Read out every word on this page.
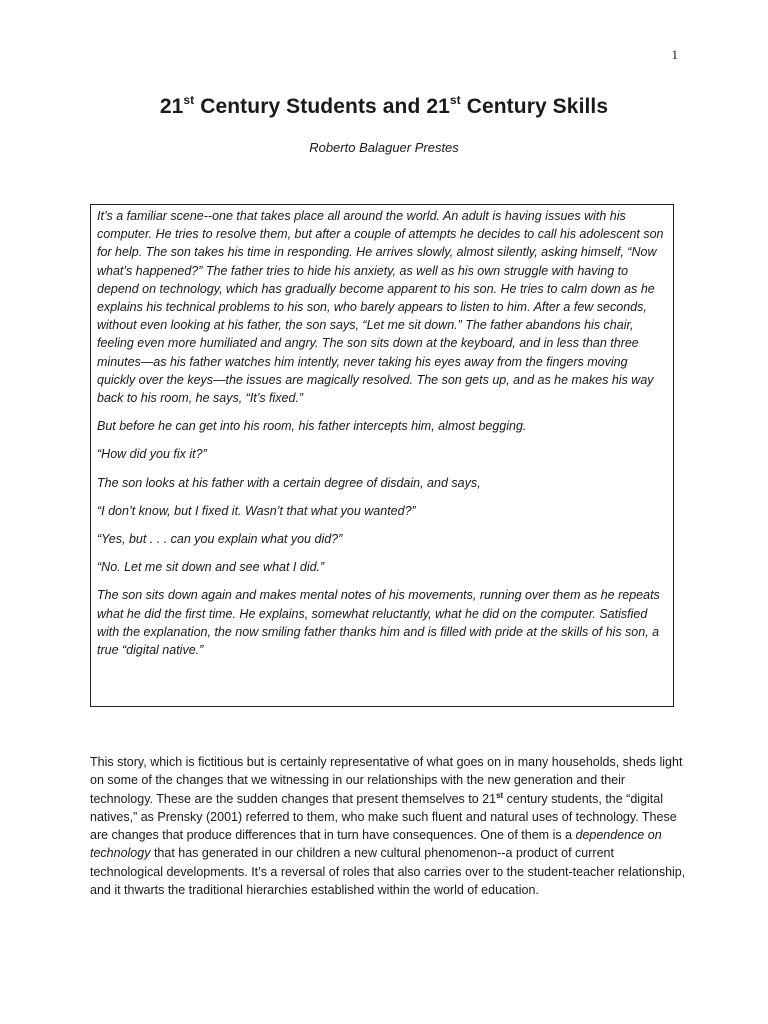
1
21st Century Students and 21st Century Skills
Roberto Balaguer Prestes

It’s a familiar scene--one that takes place all around the world. An adult is having issues with his computer. He tries to resolve them, but after a couple of attempts he decides to call his adolescent son for help. The son takes his time in responding. He arrives slowly, almost silently, asking himself, “Now what’s happened?” The father tries to hide his anxiety, as well as his own struggle with having to depend on technology, which has gradually become apparent to his son. He tries to calm down as he explains his technical problems to his son, who barely appears to listen to him. After a few seconds, without even looking at his father, the son says, “Let me sit down.” The father abandons his chair, feeling even more humiliated and angry. The son sits down at the keyboard, and in less than three minutes—as his father watches him intently, never taking his eyes away from the fingers moving quickly over the keys—the issues are magically resolved. The son gets up, and as he makes his way back to his room, he says, “It’s fixed.”

But before he can get into his room, his father intercepts him, almost begging.

“How did you fix it?”

The son looks at his father with a certain degree of disdain, and says,

“I don’t know, but I fixed it. Wasn’t that what you wanted?”

“Yes, but . . . can you explain what you did?”

“No. Let me sit down and see what I did.”

The son sits down again and makes mental notes of his movements, running over them as he repeats what he did the first time. He explains, somewhat reluctantly, what he did on the computer. Satisfied with the explanation, the now smiling father thanks him and is filled with pride at the skills of his son, a true “digital native.”

This story, which is fictitious but is certainly representative of what goes on in many households, sheds light on some of the changes that we witnessing in our relationships with the new generation and their technology. These are the sudden changes that present themselves to 21st century students, the “digital natives,” as Prensky (2001) referred to them, who make such fluent and natural uses of technology. These are changes that produce differences that in turn have consequences. One of them is a dependence on technology that has generated in our children a new cultural phenomenon--a product of current technological developments. It’s a reversal of roles that also carries over to the student-teacher relationship, and it thwarts the traditional hierarchies established within the world of education.
